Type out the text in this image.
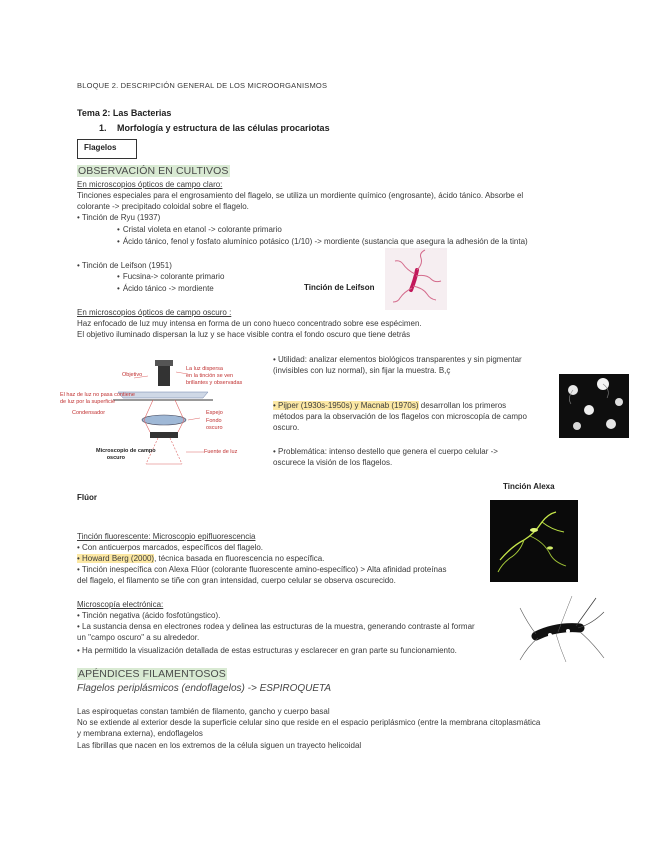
BLOQUE 2. DESCRIPCIÓN GENERAL DE LOS MICROORGANISMOS
Tema 2: Las Bacterias
1. Morfología y estructura de las células procariotas
Flagelos
OBSERVACIÓN EN CULTIVOS
En microscopios ópticos de campo claro:
Tinciones especiales para el engrosamiento del flagelo, se utiliza un mordiente químico (engrosante), ácido tánico. Absorbe el
colorante -> precipitado coloidal sobre el flagelo.
• Tinción de Ryu (1937)
• Cristal violeta en etanol -> colorante primario
• Ácido tánico, fenol y fosfato alumínico potásico (1/10) -> mordiente (sustancia que asegura la adhesión de la tinta)
• Tinción de Leifson (1951)
• Fucsina-> colorante primario
• Ácido tánico -> mordiente	Tinción de Leifson
En microscopios ópticos de campo oscuro :
Haz enfocado de luz muy intensa en forma de un cono hueco concentrado sobre ese espécimen.
El objetivo iluminado dispersan la luz y se hace visible contra el fondo oscuro que tiene detrás
Objetivo
La luz dispersa
en la tinción se ven
brillantes y observadas
El haz de luz no pasa contiene
de luz por la superficie
Condensador	Espejo
Fondo
oscuro
Fuente de luz
Microscopio de campo
oscuro
• Utilidad: analizar elementos biológicos transparentes y sin pigmentar
(invisibles con luz normal), sin fijar la muestra. B,ç
• Pijper (1930s-1950s) y Macnab (1970s) desarrollan los primeros
métodos para la observación de los flagelos con microscopía de campo
oscuro.
• Problemática: intenso destello que genera el cuerpo celular ->
oscurece la visión de los flagelos.
Tinción Alexa
Flúor
Tinción fluorescente: Microscopio epifluorescencia
• Con anticuerpos marcados, específicos del flagelo.
• Howard Berg (2000), técnica basada en fluorescencia no específica.
• Tinción inespecífica con Alexa Flúor (colorante fluorescente amino-específico) > Alta afinidad proteínas
del flagelo, el filamento se tiñe con gran intensidad, cuerpo celular se observa oscurecido.
Microscopía electrónica:
• Tinción negativa (ácido fosfotúngstico).
• La sustancia densa en electrones rodea y delinea las estructuras de la muestra, generando contraste al formar
un "campo oscuro" a su alrededor.
• Ha permitido la visualización detallada de estas estructuras y esclarecer en gran parte su funcionamiento.
APÉNDICES FILAMENTOSOS
Flagelos periplásmicos (endoflagelos) -> ESPIROQUETA
Las espiroquetas constan también de filamento, gancho y cuerpo basal
No se extiende al exterior desde la superficie celular sino que reside en el espacio periplásmico (entre la membrana citoplasmática
y membrana externa), endoflagelos
Las fibrillas que nacen en los extremos de la célula siguen un trayecto helicoidal
